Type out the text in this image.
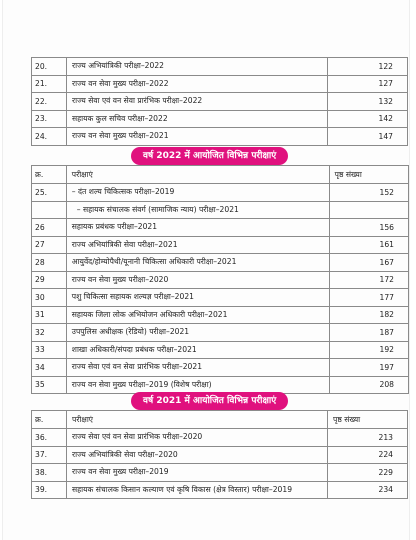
20.	राज्य अभियांत्रिकी परीक्षा–2022	122
21.	राज्य वन सेवा मुख्य परीक्षा–2022	127
22.	राज्य सेवा एवं वन सेवा प्रारंभिक परीक्षा–2022	132
23.	सहायक कुल सचिव परीक्षा–2022	142
24.	राज्य वन सेवा मुख्य परीक्षा–2021	147
वर्ष 2022 में आयोजित विभिन्न परीक्षाएं
क्र.	परीक्षाएं	पृष्ठ संख्या
25.	– दंत शल्य चिकित्सक परीक्षा–2019	152
	– सहायक संचालक संवर्ग (सामाजिक न्याय) परीक्षा–2021	
26	सहायक प्रबंधक परीक्षा–2021	156
27	राज्य अभियांत्रिकी सेवा परीक्षा–2021	161
28	आयुर्वेद/होम्योपैथी/यूनानी चिकित्सा अधिकारी परीक्षा–2021	167
29	राज्य वन सेवा मुख्य परीक्षा–2020	172
30	पशु चिकित्सा सहायक शल्यज्ञ परीक्षा–2021	177
31	सहायक जिला लोक अभियोजन अधिकारी परीक्षा–2021	182
32	उपपुलिस अधीक्षक (रेडियो) परीक्षा–2021	187
33	शाखा अधिकारी/संपदा प्रबंधक परीक्षा–2021	192
34	राज्य सेवा एवं वन सेवा प्रारंभिक परीक्षा–2021	197
35	राज्य वन सेवा मुख्य परीक्षा–2019 (विशेष परीक्षा)	208
वर्ष 2021 में आयोजित विभिन्न परीक्षाएं
क्र.	परीक्षाएं	पृष्ठ संख्या
36.	राज्य सेवा एवं वन सेवा प्रारंभिक परीक्षा–2020	213
37.	राज्य अभियांत्रिकी सेवा परीक्षा–2020	224
38.	राज्य वन सेवा मुख्य परीक्षा–2019	229
39.	सहायक संचालक किसान कल्याण एवं कृषि विकास (क्षेत्र विस्तार) परीक्षा–2019	234
